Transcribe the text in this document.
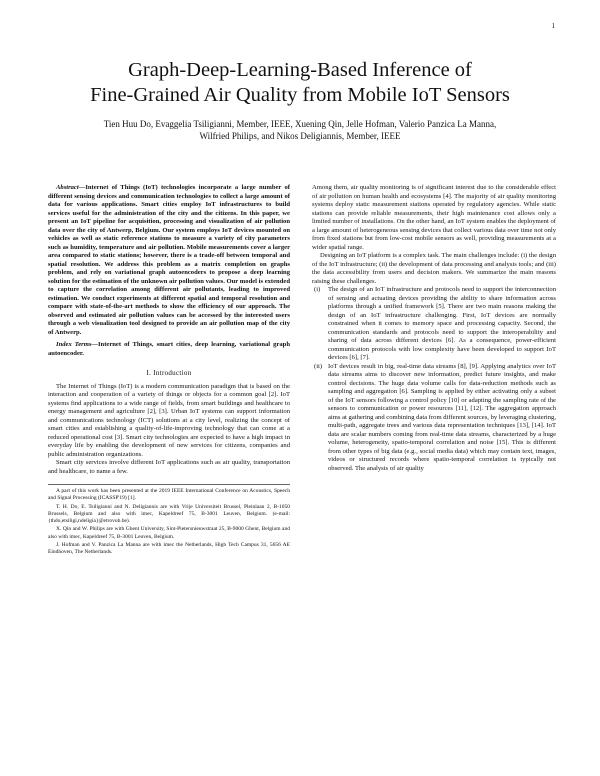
1
Graph-Deep-Learning-Based Inference of
Fine-Grained Air Quality from Mobile IoT Sensors
Tien Huu Do, Evaggelia Tsiligianni, Member, IEEE, Xuening Qin, Jelle Hofman, Valerio Panzica La Manna,
Wilfried Philips, and Nikos Deligiannis, Member, IEEE

Abstract—Internet of Things (IoT) technologies incorporate a large number of different sensing devices and communication technologies to collect a large amount of data for various applications. Smart cities employ IoT infrastructures to build services useful for the administration of the city and the citizens. In this paper, we present an IoT pipeline for acquisition, processing and visualization of air pollution data over the city of Antwerp, Belgium. Our system employs IoT devices mounted on vehicles as well as static reference stations to measure a variety of city parameters such as humidity, temperature and air pollution. Mobile measurements cover a larger area compared to static stations; however, there is a trade-off between temporal and spatial resolution. We address this problem as a matrix completion on graphs problem, and rely on variational graph autoencoders to propose a deep learning solution for the estimation of the unknown air pollution values. Our model is extended to capture the correlation among different air pollutants, leading to improved estimation. We conduct experiments at different spatial and temporal resolution and compare with state-of-the-art methods to show the efficiency of our approach. The observed and estimated air pollution values can be accessed by the interested users through a web visualization tool designed to provide an air pollution map of the city of Antwerp.

Index Terms—Internet of Things, smart cities, deep learning, variational graph autoencoder.

I. Introduction

The Internet of Things (IoT) is a modern communication paradigm that is based on the interaction and cooperation of a variety of things or objects for a common goal [2]. IoT systems find applications to a wide range of fields, from smart buildings and healthcare to energy management and agriculture [2], [3]. Urban IoT systems can support information and communications technology (ICT) solutions at a city level, realizing the concept of smart cities and establishing a quality-of-life-improving technology that can come at a reduced operational cost [3]. Smart city technologies are expected to have a high impact in everyday life by enabling the development of new services for citizens, companies and public administration organizations.

Smart city services involve different IoT applications such as air quality, transportation and healthcare, to name a few.

A part of this work has been presented at the 2019 IEEE International Conference on Acoustics, Speech and Signal Processing (ICASSP'19) [1].

T. H. Do, E. Tsiligianni and N. Deligiannis are with Vrije Universiteit Brussel, Pleinlaan 2, B-1050 Brussels, Belgium and also with imec, Kapeldreef 75, B-3001 Leuven, Belgium. (e-mail: {thdo,etsiligi,ndeligia}@etrovub.be).

X. Qin and W. Philips are with Ghent University, Sint-Pietersnieuwstraat 25, B-9000 Ghent, Belgium and also with imec, Kapeldreef 75, B-3001 Leuven, Belgium.

J. Hofman and V. Panzica La Manna are with imec the Netherlands, High Tech Campus 31, 5656 AE Eindhoven, The Netherlands.

Among them, air quality monitoring is of significant interest due to the considerable effect of air pollution on human health and ecosystems [4]. The majority of air quality monitoring systems deploy static measurement stations operated by regulatory agencies. While static stations can provide reliable measurements, their high maintenance cost allows only a limited number of installations. On the other hand, an IoT system enables the deployment of a large amount of heterogeneous sensing devices that collect various data over time not only from fixed stations but from low-cost mobile sensors as well, providing measurements at a wider spatial range.

Designing an IoT platform is a complex task. The main challenges include: (i) the design of the IoT infrastructure; (ii) the development of data processing and analysis tools; and (iii) the data accessibility from users and decision makers. We summarize the main reasons raising these challenges.

(i) The design of an IoT infrastructure and protocols need to support the interconnection of sensing and actuating devices providing the ability to share information across platforms through a unified framework [5]. There are two main reasons making the design of an IoT infrastructure challenging. First, IoT devices are normally constrained when it comes to memory space and processing capacity. Second, the communication standards and protocols need to support the interoperability and sharing of data across different devices [6]. As a consequence, power-efficient communication protocols with low complexity have been developed to support IoT devices [6], [7].
(ii) IoT devices result in big, real-time data streams [8], [9]. Applying analytics over IoT data streams aims to discover new information, predict future insights, and make control decisions. The huge data volume calls for data-reduction methods such as sampling and aggregation [6]. Sampling is applied by either activating only a subset of the IoT sensors following a control policy [10] or adapting the sampling rate of the sensors to communication or power resources [11], [12]. The aggregation approach aims at gathering and combining data from different sources, by leveraging clustering, multi-path, aggregate trees and various data representation techniques [13], [14]. IoT data are scalar numbers coming from real-time data streams, characterized by a huge volume, heterogeneity, spatio-temporal correlation and noise [15]. This is different from other types of big data (e.g., social media data) which may contain text, images, videos or structured records where spatio-temporal correlation is typically not observed. The analysis of air quality
